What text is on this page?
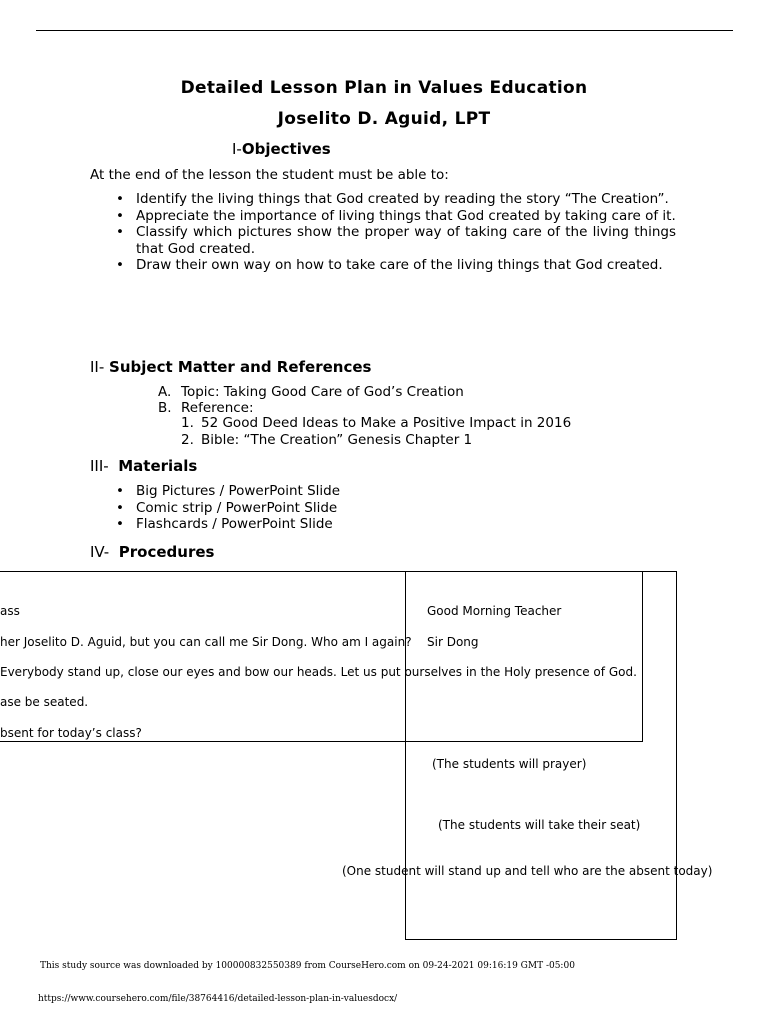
Detailed Lesson Plan in Values Education
Joselito D. Aguid, LPT
I-Objectives
At the end of the lesson the student must be able to:
• Identify the living things that God created by reading the story “The Creation”.
• Appreciate the importance of living things that God created by taking care of it.
• Classify which pictures show the proper way of taking care of the living things that God created.
• Draw their own way on how to take care of the living things that God created.
II- Subject Matter and References
A. Topic: Taking Good Care of God’s Creation
B. Reference:
1. 52 Good Deed Ideas to Make a Positive Impact in 2016
2. Bible: “The Creation” Genesis Chapter 1
III- Materials
• Big Pictures / PowerPoint Slide
• Comic strip / PowerPoint Slide
• Flashcards / PowerPoint Slide
IV- Procedures
ass
her Joselito D. Aguid, but you can call me Sir Dong. Who am I again?
Everybody stand up, close our eyes and bow our heads. Let us put ourselves in the Holy presence of God.
ase be seated.
bsent for today’s class?
Good Morning Teacher
Sir Dong
(The students will prayer)
(The students will take their seat)
(One student will stand up and tell who are the absent today)
This study source was downloaded by 100000832550389 from CourseHero.com on 09-24-2021 09:16:19 GMT -05:00
https://www.coursehero.com/file/38764416/detailed-lesson-plan-in-valuesdocx/
